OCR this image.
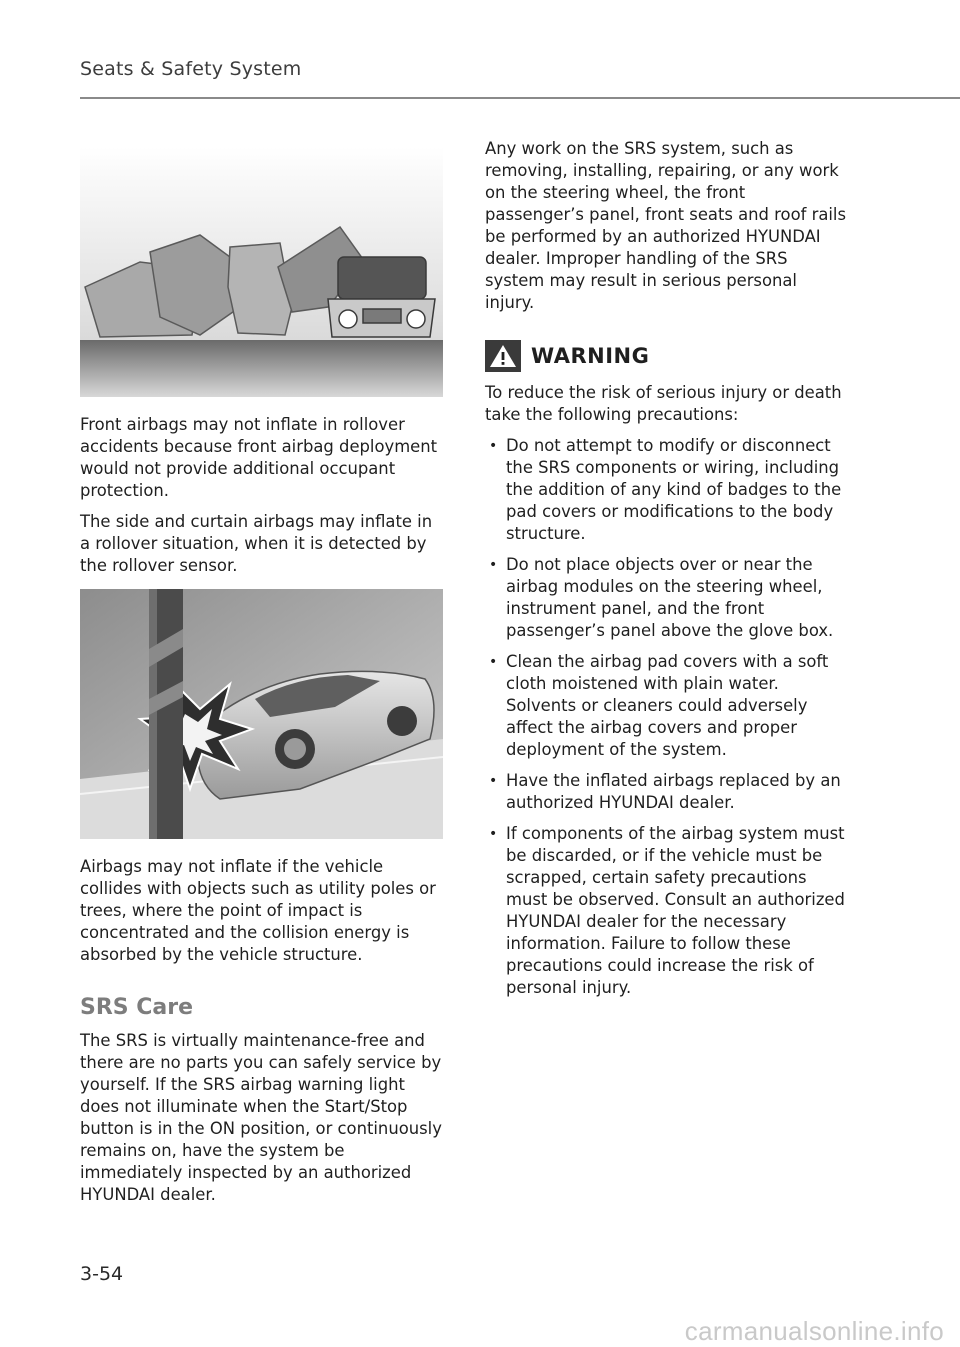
Seats & Safety System

Front airbags may not inflate in rollover accidents because front airbag deployment would not provide additional occupant protection.

The side and curtain airbags may inflate in a rollover situation, when it is detected by the rollover sensor.

Airbags may not inflate if the vehicle collides with objects such as utility poles or trees, where the point of impact is concentrated and the collision energy is absorbed by the vehicle structure.

SRS Care

The SRS is virtually maintenance-free and there are no parts you can safely service by yourself. If the SRS airbag warning light does not illuminate when the Start/Stop button is in the ON position, or continuously remains on, have the system be immediately inspected by an authorized HYUNDAI dealer.

Any work on the SRS system, such as removing, installing, repairing, or any work on the steering wheel, the front passenger’s panel, front seats and roof rails be performed by an authorized HYUNDAI dealer. Improper handling of the SRS system may result in serious personal injury.

WARNING

To reduce the risk of serious injury or death take the following precautions:

• Do not attempt to modify or disconnect the SRS components or wiring, including the addition of any kind of badges to the pad covers or modifications to the body structure.
• Do not place objects over or near the airbag modules on the steering wheel, instrument panel, and the front passenger’s panel above the glove box.
• Clean the airbag pad covers with a soft cloth moistened with plain water. Solvents or cleaners could adversely affect the airbag covers and proper deployment of the system.
• Have the inflated airbags replaced by an authorized HYUNDAI dealer.
• If components of the airbag system must be discarded, or if the vehicle must be scrapped, certain safety precautions must be observed. Consult an authorized HYUNDAI dealer for the necessary information. Failure to follow these precautions could increase the risk of personal injury.
3-54
carmanualsonline.info
